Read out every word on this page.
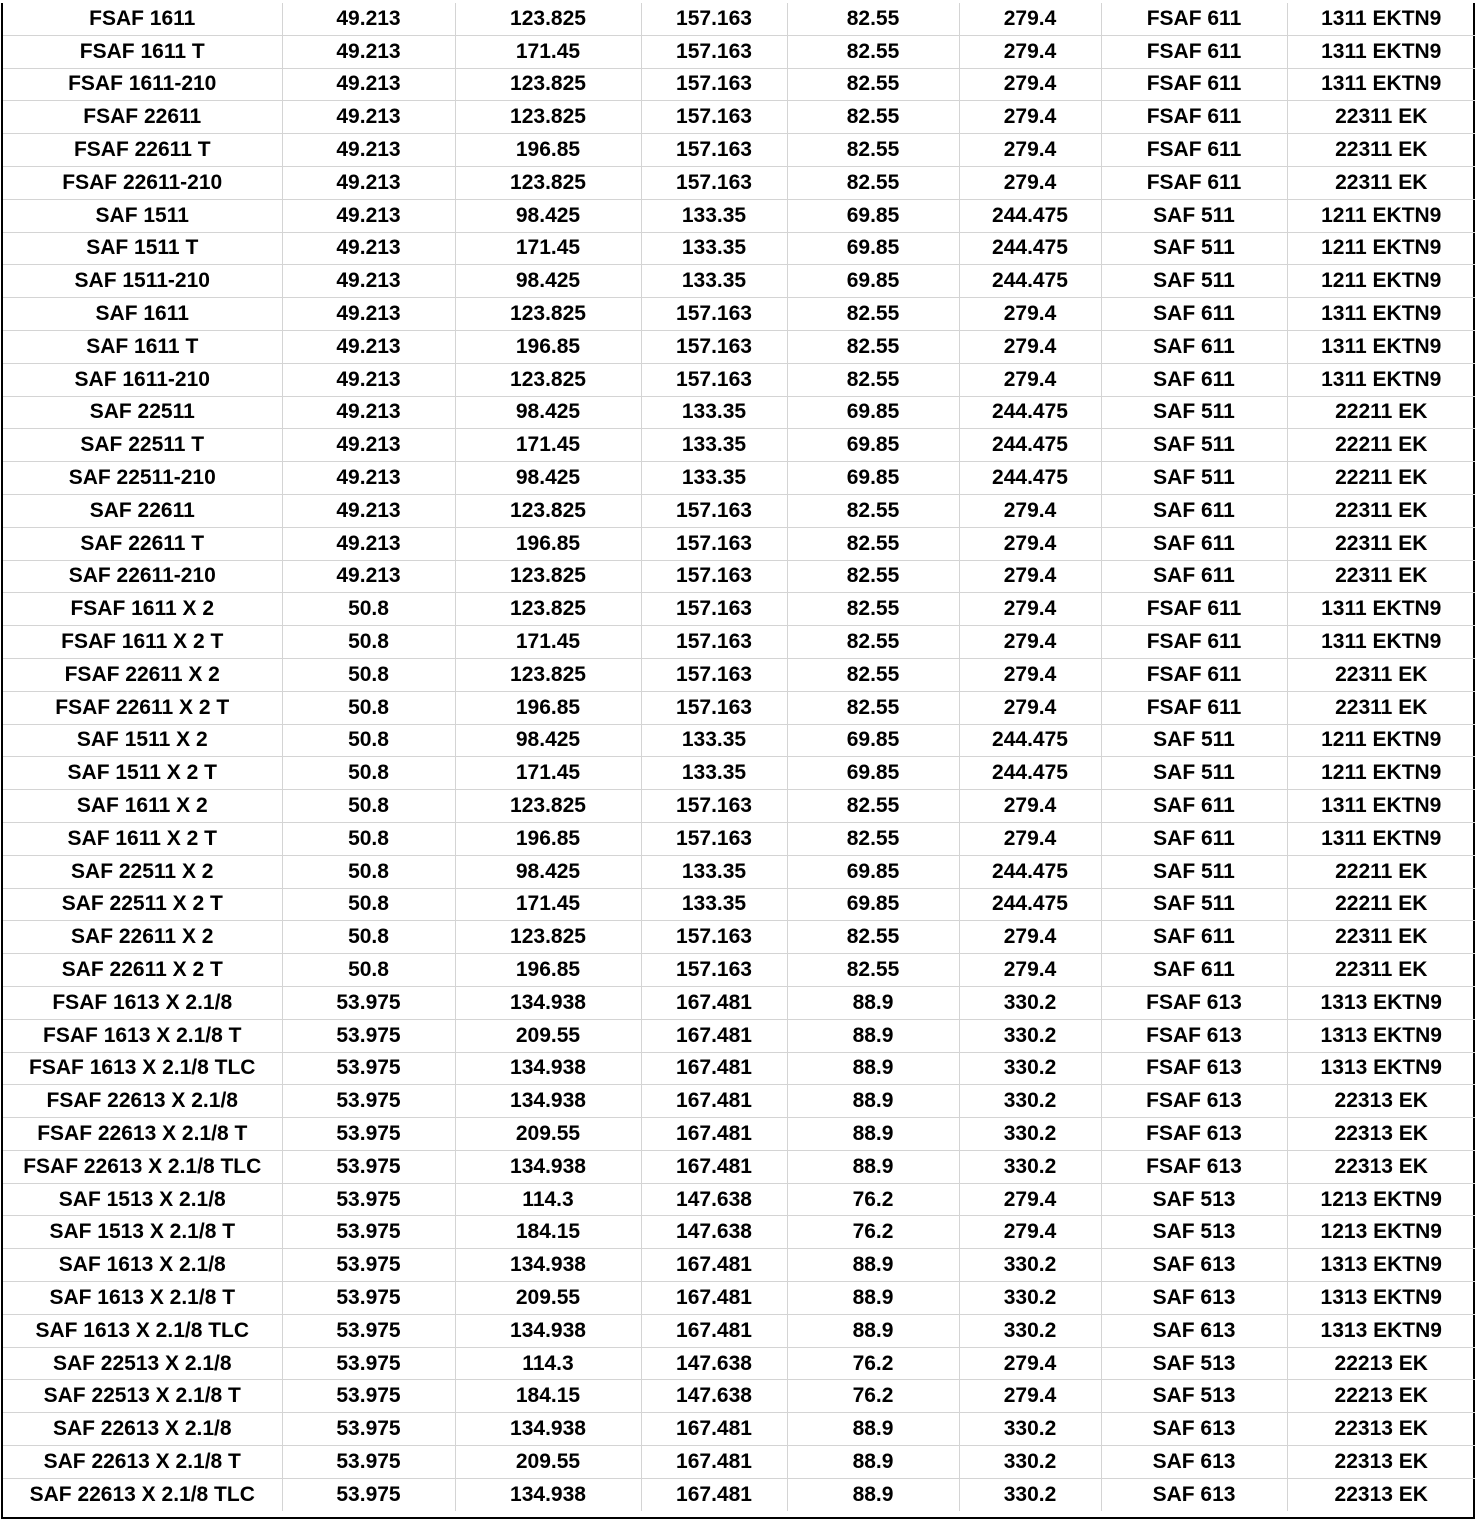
FSAF 1611	49.213	123.825	157.163	82.55	279.4	FSAF 611	1311 EKTN9
FSAF 1611 T	49.213	171.45	157.163	82.55	279.4	FSAF 611	1311 EKTN9
FSAF 1611-210	49.213	123.825	157.163	82.55	279.4	FSAF 611	1311 EKTN9
FSAF 22611	49.213	123.825	157.163	82.55	279.4	FSAF 611	22311 EK
FSAF 22611 T	49.213	196.85	157.163	82.55	279.4	FSAF 611	22311 EK
FSAF 22611-210	49.213	123.825	157.163	82.55	279.4	FSAF 611	22311 EK
SAF 1511	49.213	98.425	133.35	69.85	244.475	SAF 511	1211 EKTN9
SAF 1511 T	49.213	171.45	133.35	69.85	244.475	SAF 511	1211 EKTN9
SAF 1511-210	49.213	98.425	133.35	69.85	244.475	SAF 511	1211 EKTN9
SAF 1611	49.213	123.825	157.163	82.55	279.4	SAF 611	1311 EKTN9
SAF 1611 T	49.213	196.85	157.163	82.55	279.4	SAF 611	1311 EKTN9
SAF 1611-210	49.213	123.825	157.163	82.55	279.4	SAF 611	1311 EKTN9
SAF 22511	49.213	98.425	133.35	69.85	244.475	SAF 511	22211 EK
SAF 22511 T	49.213	171.45	133.35	69.85	244.475	SAF 511	22211 EK
SAF 22511-210	49.213	98.425	133.35	69.85	244.475	SAF 511	22211 EK
SAF 22611	49.213	123.825	157.163	82.55	279.4	SAF 611	22311 EK
SAF 22611 T	49.213	196.85	157.163	82.55	279.4	SAF 611	22311 EK
SAF 22611-210	49.213	123.825	157.163	82.55	279.4	SAF 611	22311 EK
FSAF 1611 X 2	50.8	123.825	157.163	82.55	279.4	FSAF 611	1311 EKTN9
FSAF 1611 X 2 T	50.8	171.45	157.163	82.55	279.4	FSAF 611	1311 EKTN9
FSAF 22611 X 2	50.8	123.825	157.163	82.55	279.4	FSAF 611	22311 EK
FSAF 22611 X 2 T	50.8	196.85	157.163	82.55	279.4	FSAF 611	22311 EK
SAF 1511 X 2	50.8	98.425	133.35	69.85	244.475	SAF 511	1211 EKTN9
SAF 1511 X 2 T	50.8	171.45	133.35	69.85	244.475	SAF 511	1211 EKTN9
SAF 1611 X 2	50.8	123.825	157.163	82.55	279.4	SAF 611	1311 EKTN9
SAF 1611 X 2 T	50.8	196.85	157.163	82.55	279.4	SAF 611	1311 EKTN9
SAF 22511 X 2	50.8	98.425	133.35	69.85	244.475	SAF 511	22211 EK
SAF 22511 X 2 T	50.8	171.45	133.35	69.85	244.475	SAF 511	22211 EK
SAF 22611 X 2	50.8	123.825	157.163	82.55	279.4	SAF 611	22311 EK
SAF 22611 X 2 T	50.8	196.85	157.163	82.55	279.4	SAF 611	22311 EK
FSAF 1613 X 2.1/8	53.975	134.938	167.481	88.9	330.2	FSAF 613	1313 EKTN9
FSAF 1613 X 2.1/8 T	53.975	209.55	167.481	88.9	330.2	FSAF 613	1313 EKTN9
FSAF 1613 X 2.1/8 TLC	53.975	134.938	167.481	88.9	330.2	FSAF 613	1313 EKTN9
FSAF 22613 X 2.1/8	53.975	134.938	167.481	88.9	330.2	FSAF 613	22313 EK
FSAF 22613 X 2.1/8 T	53.975	209.55	167.481	88.9	330.2	FSAF 613	22313 EK
FSAF 22613 X 2.1/8 TLC	53.975	134.938	167.481	88.9	330.2	FSAF 613	22313 EK
SAF 1513 X 2.1/8	53.975	114.3	147.638	76.2	279.4	SAF 513	1213 EKTN9
SAF 1513 X 2.1/8 T	53.975	184.15	147.638	76.2	279.4	SAF 513	1213 EKTN9
SAF 1613 X 2.1/8	53.975	134.938	167.481	88.9	330.2	SAF 613	1313 EKTN9
SAF 1613 X 2.1/8 T	53.975	209.55	167.481	88.9	330.2	SAF 613	1313 EKTN9
SAF 1613 X 2.1/8 TLC	53.975	134.938	167.481	88.9	330.2	SAF 613	1313 EKTN9
SAF 22513 X 2.1/8	53.975	114.3	147.638	76.2	279.4	SAF 513	22213 EK
SAF 22513 X 2.1/8 T	53.975	184.15	147.638	76.2	279.4	SAF 513	22213 EK
SAF 22613 X 2.1/8	53.975	134.938	167.481	88.9	330.2	SAF 613	22313 EK
SAF 22613 X 2.1/8 T	53.975	209.55	167.481	88.9	330.2	SAF 613	22313 EK
SAF 22613 X 2.1/8 TLC	53.975	134.938	167.481	88.9	330.2	SAF 613	22313 EK
